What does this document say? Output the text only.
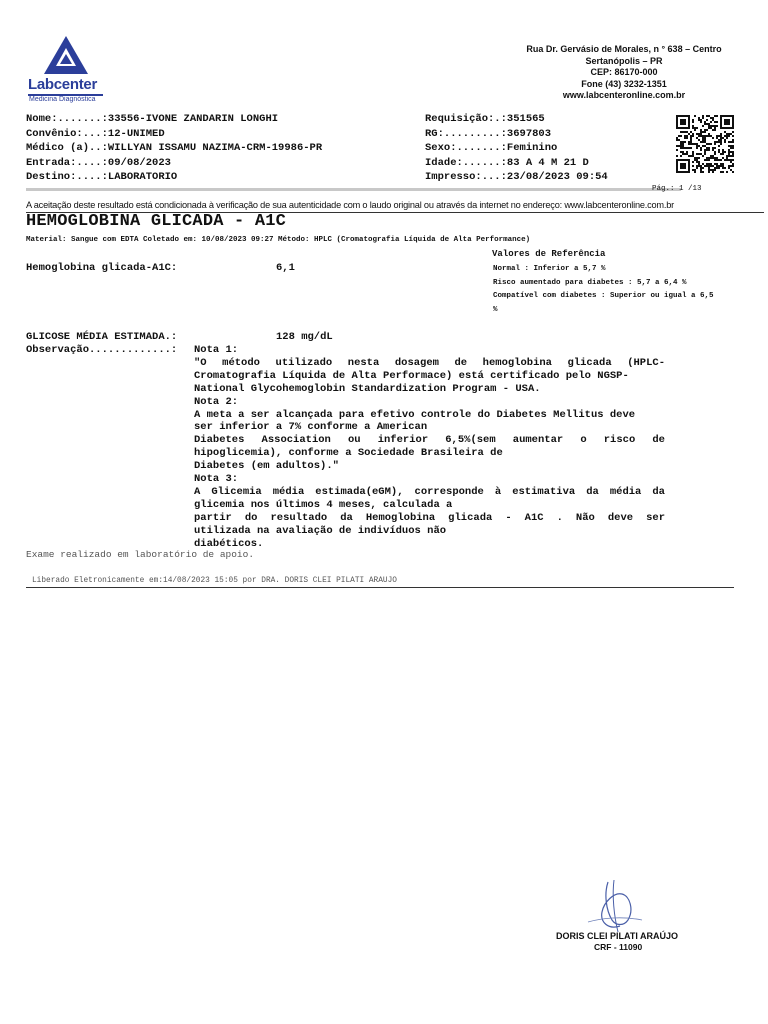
Labcenter
Medicina Diagnóstica
Rua Dr. Gervásio de Morales, n ° 638 – Centro
Sertanópolis – PR
CEP: 86170-000
Fone (43) 3232-1351
www.labcenteronline.com.br
Nome:.......:33556-IVONE ZANDARIN LONGHI
Convênio:...:12-UNIMED
Médico (a)..:WILLYAN ISSAMU NAZIMA-CRM-19986-PR
Entrada:....:09/08/2023
Destino:....:LABORATORIO
Requisição:.:351565
RG:.........:3697803
Sexo:.......:Feminino
Idade:......:83 A 4 M 21 D
Impresso:...:23/08/2023 09:54
Pág.: 1 /13
A aceitação deste resultado está condicionada à verificação de sua autenticidade com o laudo original ou através da internet no endereço: www.labcenteronline.com.br
HEMOGLOBINA GLICADA - A1C
Material: Sangue com EDTA Coletado em: 10/08/2023 09:27 Método: HPLC (Cromatografia Líquida de Alta Performance)
Valores de Referência
Normal : Inferior a 5,7 %
Risco aumentado para diabetes : 5,7 a 6,4 %
Compatível com diabetes : Superior ou igual a 6,5
%
Hemoglobina glicada-A1C:	6,1
GLICOSE MÉDIA ESTIMADA.:	128 mg/dL
Observação.............: Nota 1:
"O método utilizado nesta dosagem de hemoglobina glicada (HPLC-
Cromatografia Líquida de Alta Performace) está certificado pelo NGSP-
National Glycohemoglobin Standardization Program - USA.
Nota 2:
A meta a ser alcançada para efetivo controle do Diabetes Mellitus deve
ser inferior a 7% conforme a American
Diabetes Association ou inferior 6,5%(sem aumentar o risco de
hipoglicemia), conforme a Sociedade Brasileira de
Diabetes (em adultos)."
Nota 3:
A Glicemia média estimada(eGM), corresponde à estimativa da média da
glicemia nos últimos 4 meses, calculada a
partir do resultado da Hemoglobina glicada - A1C . Não deve ser
utilizada na avaliação de indivíduos não
diabéticos.
Exame realizado em laboratório de apoio.
Liberado Eletronicamente em:14/08/2023 15:05 por DRA. DORIS CLEI PILATI ARAUJO
DORIS CLEI PILATI ARAÚJO
CRF - 11090
